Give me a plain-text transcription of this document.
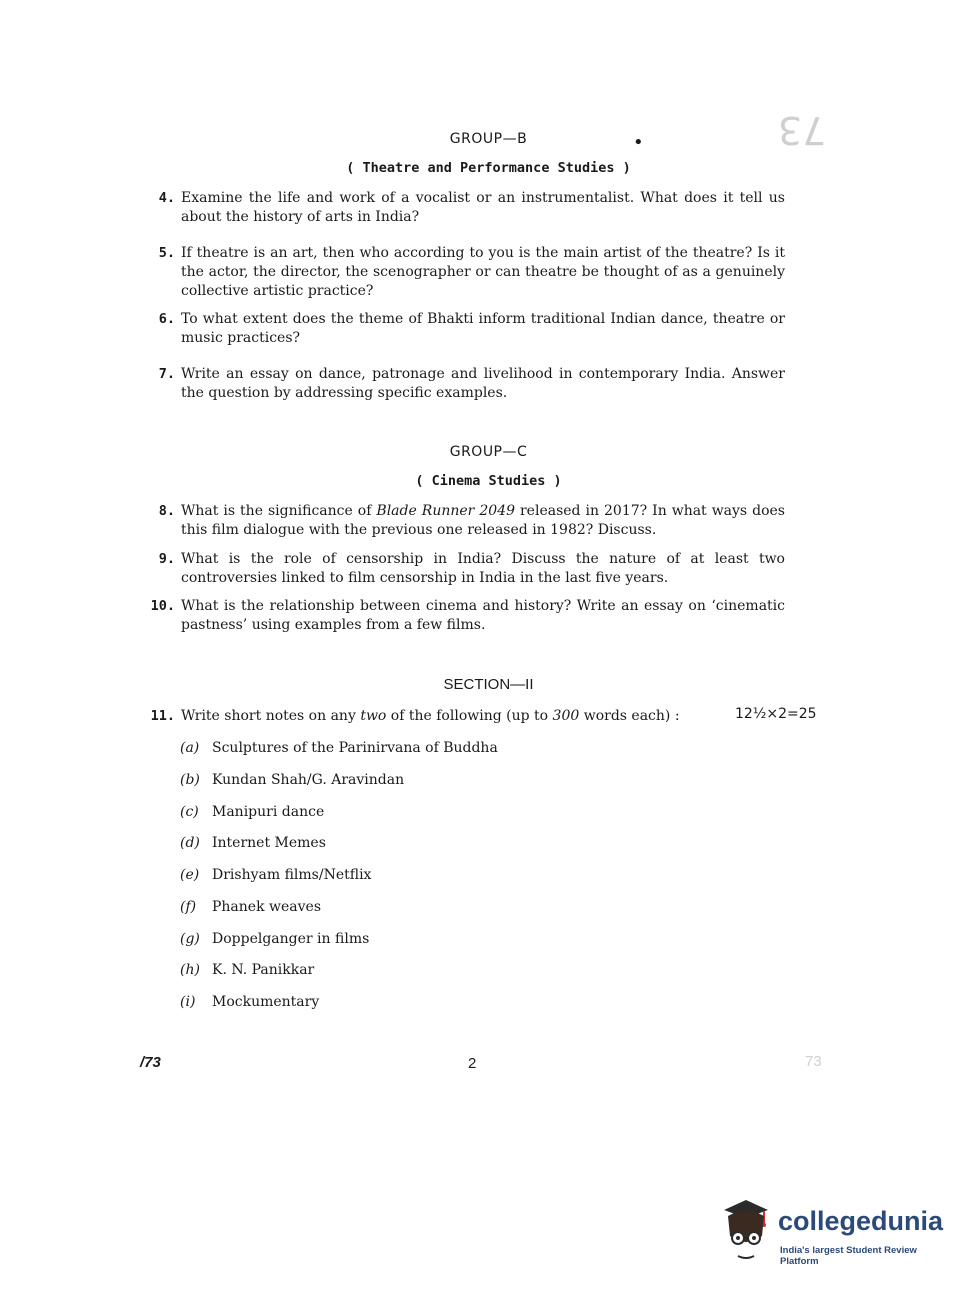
73
•
GROUP—B
( Theatre and Performance Studies )
4. Examine the life and work of a vocalist or an instrumentalist. What does it tell us about the history of arts in India?
5. If theatre is an art, then who according to you is the main artist of the theatre? Is it the actor, the director, the scenographer or can theatre be thought of as a genuinely collective artistic practice?
6. To what extent does the theme of Bhakti inform traditional Indian dance, theatre or music practices?
7. Write an essay on dance, patronage and livelihood in contemporary India. Answer the question by addressing specific examples.
GROUP—C
( Cinema Studies )
8. What is the significance of Blade Runner 2049 released in 2017? In what ways does this film dialogue with the previous one released in 1982? Discuss.
9. What is the role of censorship in India? Discuss the nature of at least two controversies linked to film censorship in India in the last five years.
10. What is the relationship between cinema and history? Write an essay on ‘cinematic pastness’ using examples from a few films.
SECTION—II
11. Write short notes on any two of the following (up to 300 words each) :	12½×2=25
(a) Sculptures of the Parinirvana of Buddha
(b) Kundan Shah/G. Aravindan
(c) Manipuri dance
(d) Internet Memes
(e) Drishyam films/Netflix
(f) Phanek weaves
(g) Doppelganger in films
(h) K. N. Panikkar
(i) Mockumentary
/73	2	73
collegedunia
India's largest Student Review Platform
